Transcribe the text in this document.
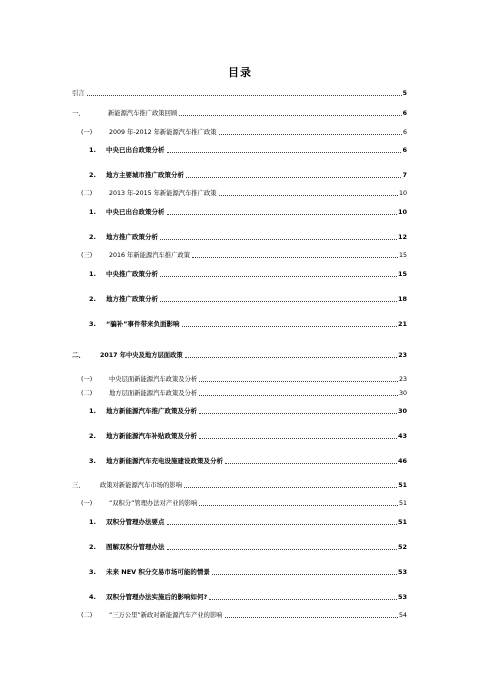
目录
引言	5
一、	新能源汽车推广政策回顾	6
(一)	2009 年-2012 年新能源汽车推广政策	6
1.	中央已出台政策分析	6
2.	地方主要城市推广政策分析	7
(二)	2013 年-2015 年新能源汽车推广政策	10
1.	中央已出台政策分析	10
2.	地方推广政策分析	12
(三)	2016 年新能源汽车推广政策	15
1.	中央推广政策分析	15
2.	地方推广政策分析	18
3.	“骗补”事件带来负面影响	21
二、	2017 年中央及地方层面政策	23
(一)	中央层面新能源汽车政策及分析	23
(二)	地方层面新能源汽车政策及分析	30
1.	地方新能源汽车推广政策及分析	30
2.	地方新能源汽车补贴政策及分析	43
3.	地方新能源汽车充电设施建设政策及分析	46
三、	政策对新能源汽车市场的影响	51
(一)	“双积分”管理办法对产业的影响	51
1.	双积分管理办法要点	51
2.	图解双积分管理办法	52
3.	未来 NEV 积分交易市场可能的情景	53
4.	双积分管理办法实施后的影响如何?	53
(二)	“三万公里”新政对新能源汽车产业的影响	54
